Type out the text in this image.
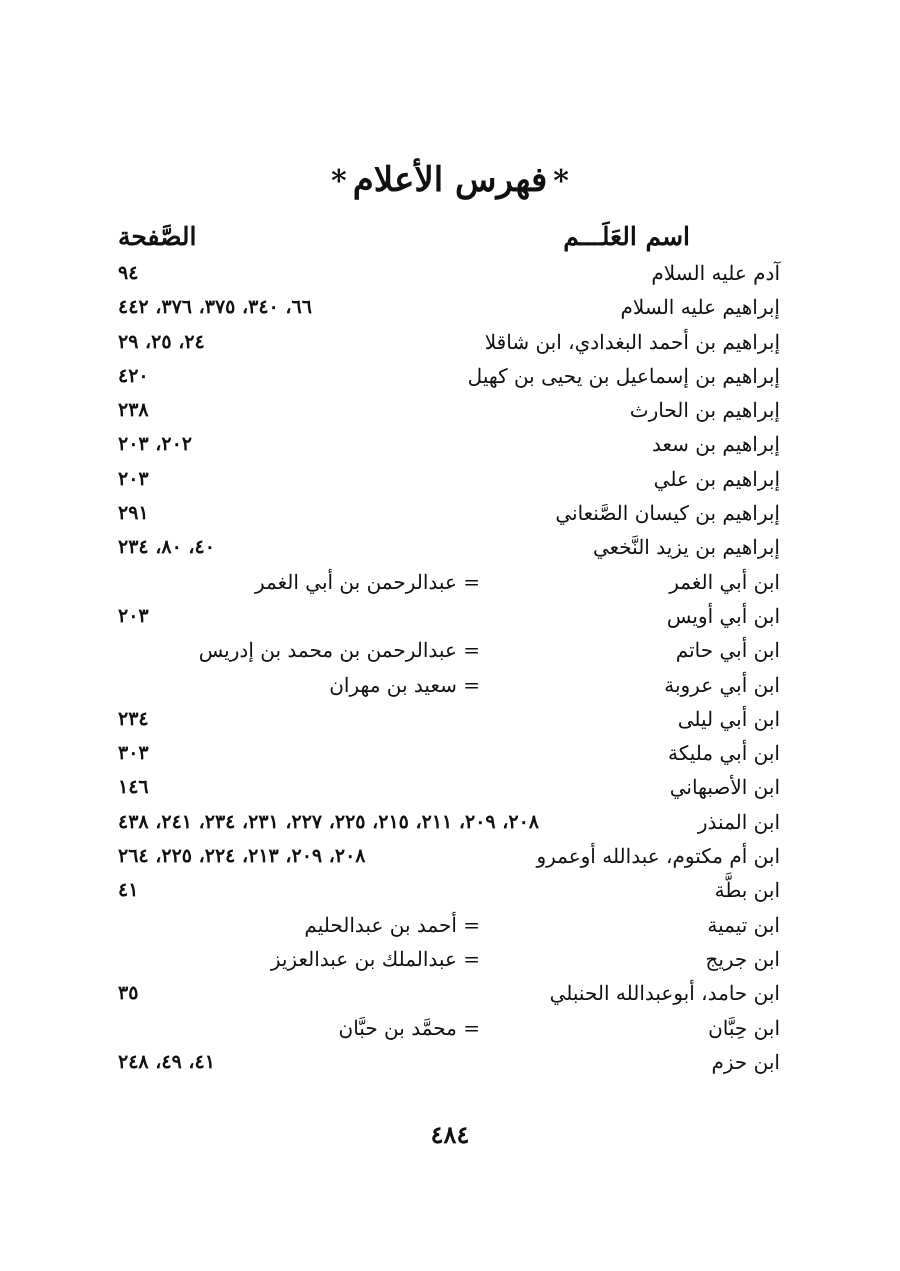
*فهرس الأعلام*
اسم العَلَـــم
الصَّفحة
آدم عليه السلام
٩٤
إبراهيم عليه السلام
٦٦، ٣٤٠، ٣٧٥، ٣٧٦، ٤٤٢
إبراهيم بن أحمد البغدادي، ابن شاقلا
٢٤، ٢٥، ٢٩
إبراهيم بن إسماعيل بن يحيى بن كهيل
٤٢٠
إبراهيم بن الحارث
٢٣٨
إبراهيم بن سعد
٢٠٢، ٢٠٣
إبراهيم بن علي
٢٠٣
إبراهيم بن كيسان الصَّنعاني
٢٩١
إبراهيم بن يزيد النَّخعي
٤٠، ٨٠، ٢٣٤
ابن أبي الغمر
= عبدالرحمن بن أبي الغمر
ابن أبي أويس
٢٠٣
ابن أبي حاتم
= عبدالرحمن بن محمد بن إدريس
ابن أبي عروبة
= سعيد بن مهران
ابن أبي ليلى
٢٣٤
ابن أبي مليكة
٣٠٣
ابن الأصبهاني
١٤٦
ابن المنذر
٢٠٨، ٢٠٩، ٢١١، ٢١٥، ٢٢٥، ٢٢٧، ٢٣١، ٢٣٤، ٢٤١، ٤٣٨
ابن أم مكتوم، عبدالله أوعمرو
٢٠٨، ٢٠٩، ٢١٣، ٢٢٤، ٢٢٥، ٢٦٤
ابن بطَّة
٤١
ابن تيمية
= أحمد بن عبدالحليم
ابن جريج
= عبدالملك بن عبدالعزيز
ابن حامد، أبوعبدالله الحنبلي
٣٥
ابن حِبَّان
= محمَّد بن حبَّان
ابن حزم
٤١، ٤٩، ٢٤٨
٤٨٤
